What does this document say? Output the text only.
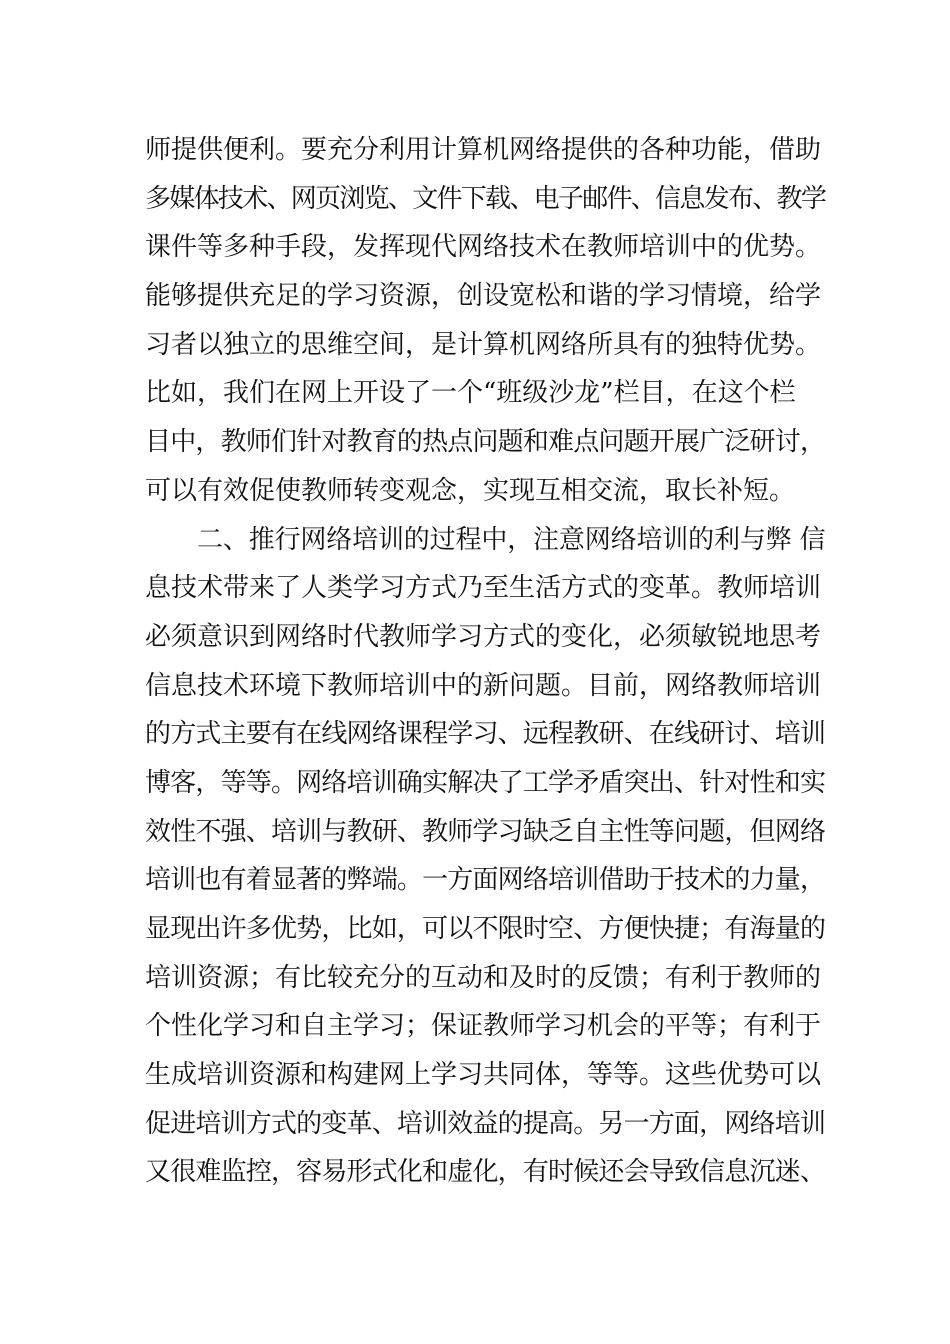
师提供便利。要充分利用计算机网络提供的各种功能，借助
多媒体技术、网页浏览、文件下载、电子邮件、信息发布、教学
课件等多种手段，发挥现代网络技术在教师培训中的优势。
能够提供充足的学习资源，创设宽松和谐的学习情境，给学
习者以独立的思维空间，是计算机网络所具有的独特优势。
比如，我们在网上开设了一个“班级沙龙”栏目，在这个栏
目中，教师们针对教育的热点问题和难点问题开展广泛研讨，
可以有效促使教师转变观念，实现互相交流，取长补短。
二、推行网络培训的过程中，注意网络培训的利与弊 信
息技术带来了人类学习方式乃至生活方式的变革。教师培训
必须意识到网络时代教师学习方式的变化，必须敏锐地思考
信息技术环境下教师培训中的新问题。目前，网络教师培训
的方式主要有在线网络课程学习、远程教研、在线研讨、培训
博客，等等。网络培训确实解决了工学矛盾突出、针对性和实
效性不强、培训与教研、教师学习缺乏自主性等问题，但网络
培训也有着显著的弊端。一方面网络培训借助于技术的力量，
显现出许多优势，比如，可以不限时空、方便快捷；有海量的
培训资源；有比较充分的互动和及时的反馈；有利于教师的
个性化学习和自主学习；保证教师学习机会的平等；有利于
生成培训资源和构建网上学习共同体，等等。这些优势可以
促进培训方式的变革、培训效益的提高。另一方面，网络培训
又很难监控，容易形式化和虚化，有时候还会导致信息沉迷、
